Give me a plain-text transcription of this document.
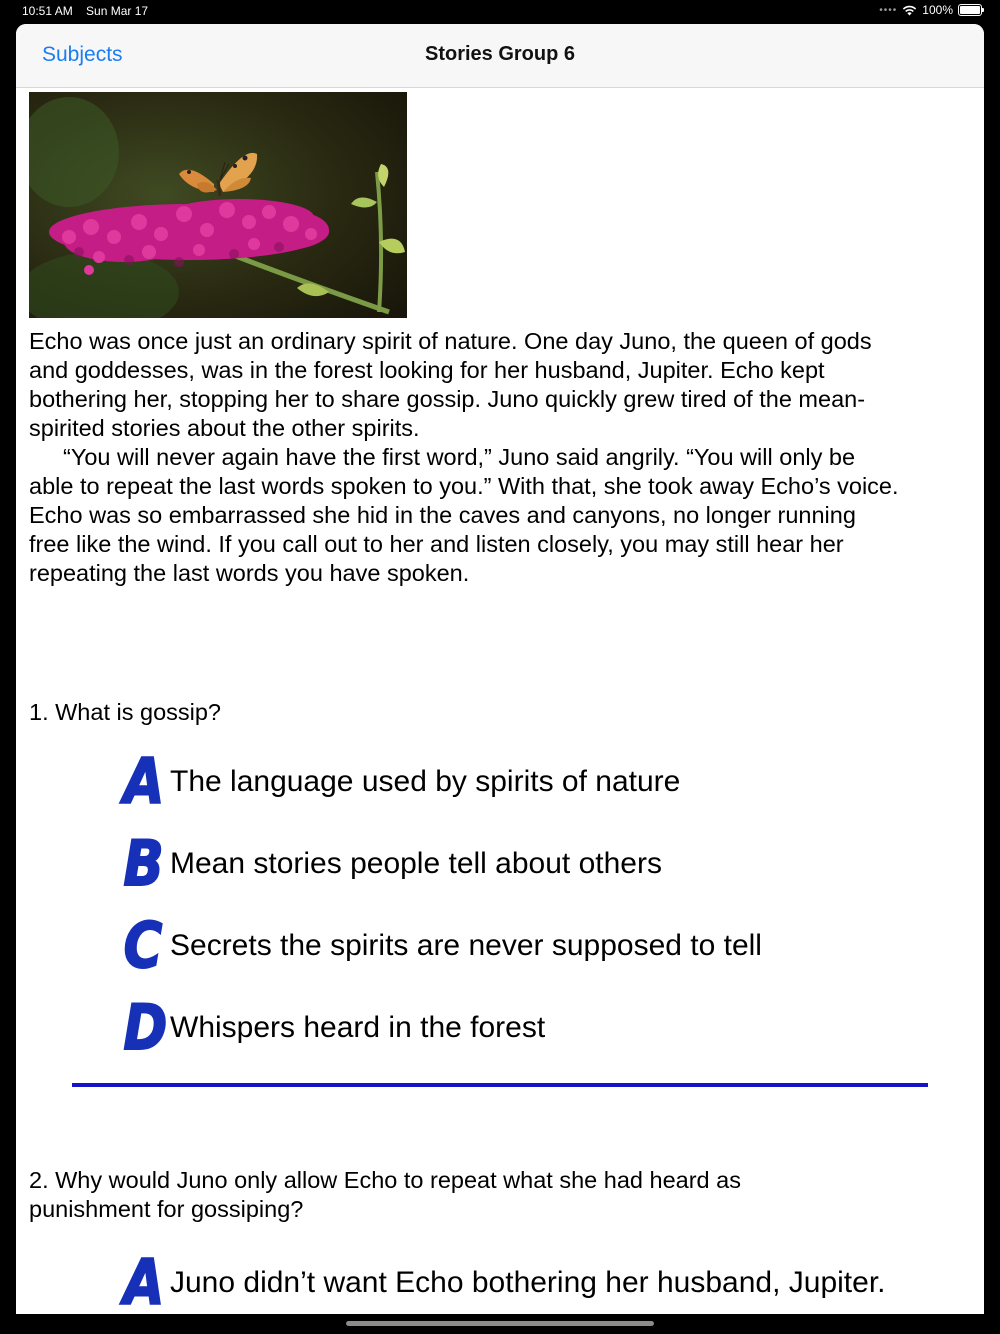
10:51 AM Sun Mar 17	•••• 100%
Subjects	Stories Group 6

Echo was once just an ordinary spirit of nature. One day Juno, the queen of gods and goddesses, was in the forest looking for her husband, Jupiter. Echo kept bothering her, stopping her to share gossip. Juno quickly grew tired of the mean-spirited stories about the other spirits.

“You will never again have the first word,” Juno said angrily. “You will only be able to repeat the last words spoken to you.” With that, she took away Echo’s voice. Echo was so embarrassed she hid in the caves and canyons, no longer running free like the wind. If you call out to her and listen closely, you may still hear her repeating the last words you have spoken.

1. What is gossip?
A The language used by spirits of nature
B Mean stories people tell about others
C Secrets the spirits are never supposed to tell
D Whispers heard in the forest
2. Why would Juno only allow Echo to repeat what she had heard as punishment for gossiping?
A Juno didn’t want Echo bothering her husband, Jupiter.
